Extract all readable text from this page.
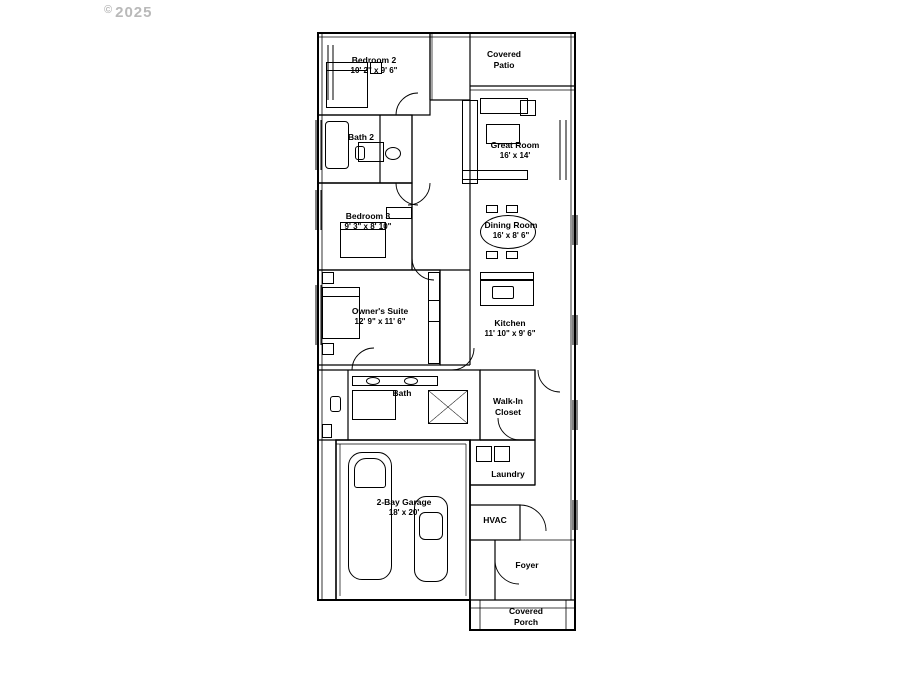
© 2025
Bedroom 2
10' 2" x 9' 6"
Bath 2
Bedroom 3
9' 3" x 8' 10"
Owner's Suite
12' 9" x 11' 6"
Bath
Walk-In
Closet
Laundry
HVAC
2-Bay Garage
18' x 20'
Foyer
Covered
Porch
Covered
Patio
Great Room
16' x 14'
Dining Room
16' x 8' 6"
Kitchen
11' 10" x 9' 6"
